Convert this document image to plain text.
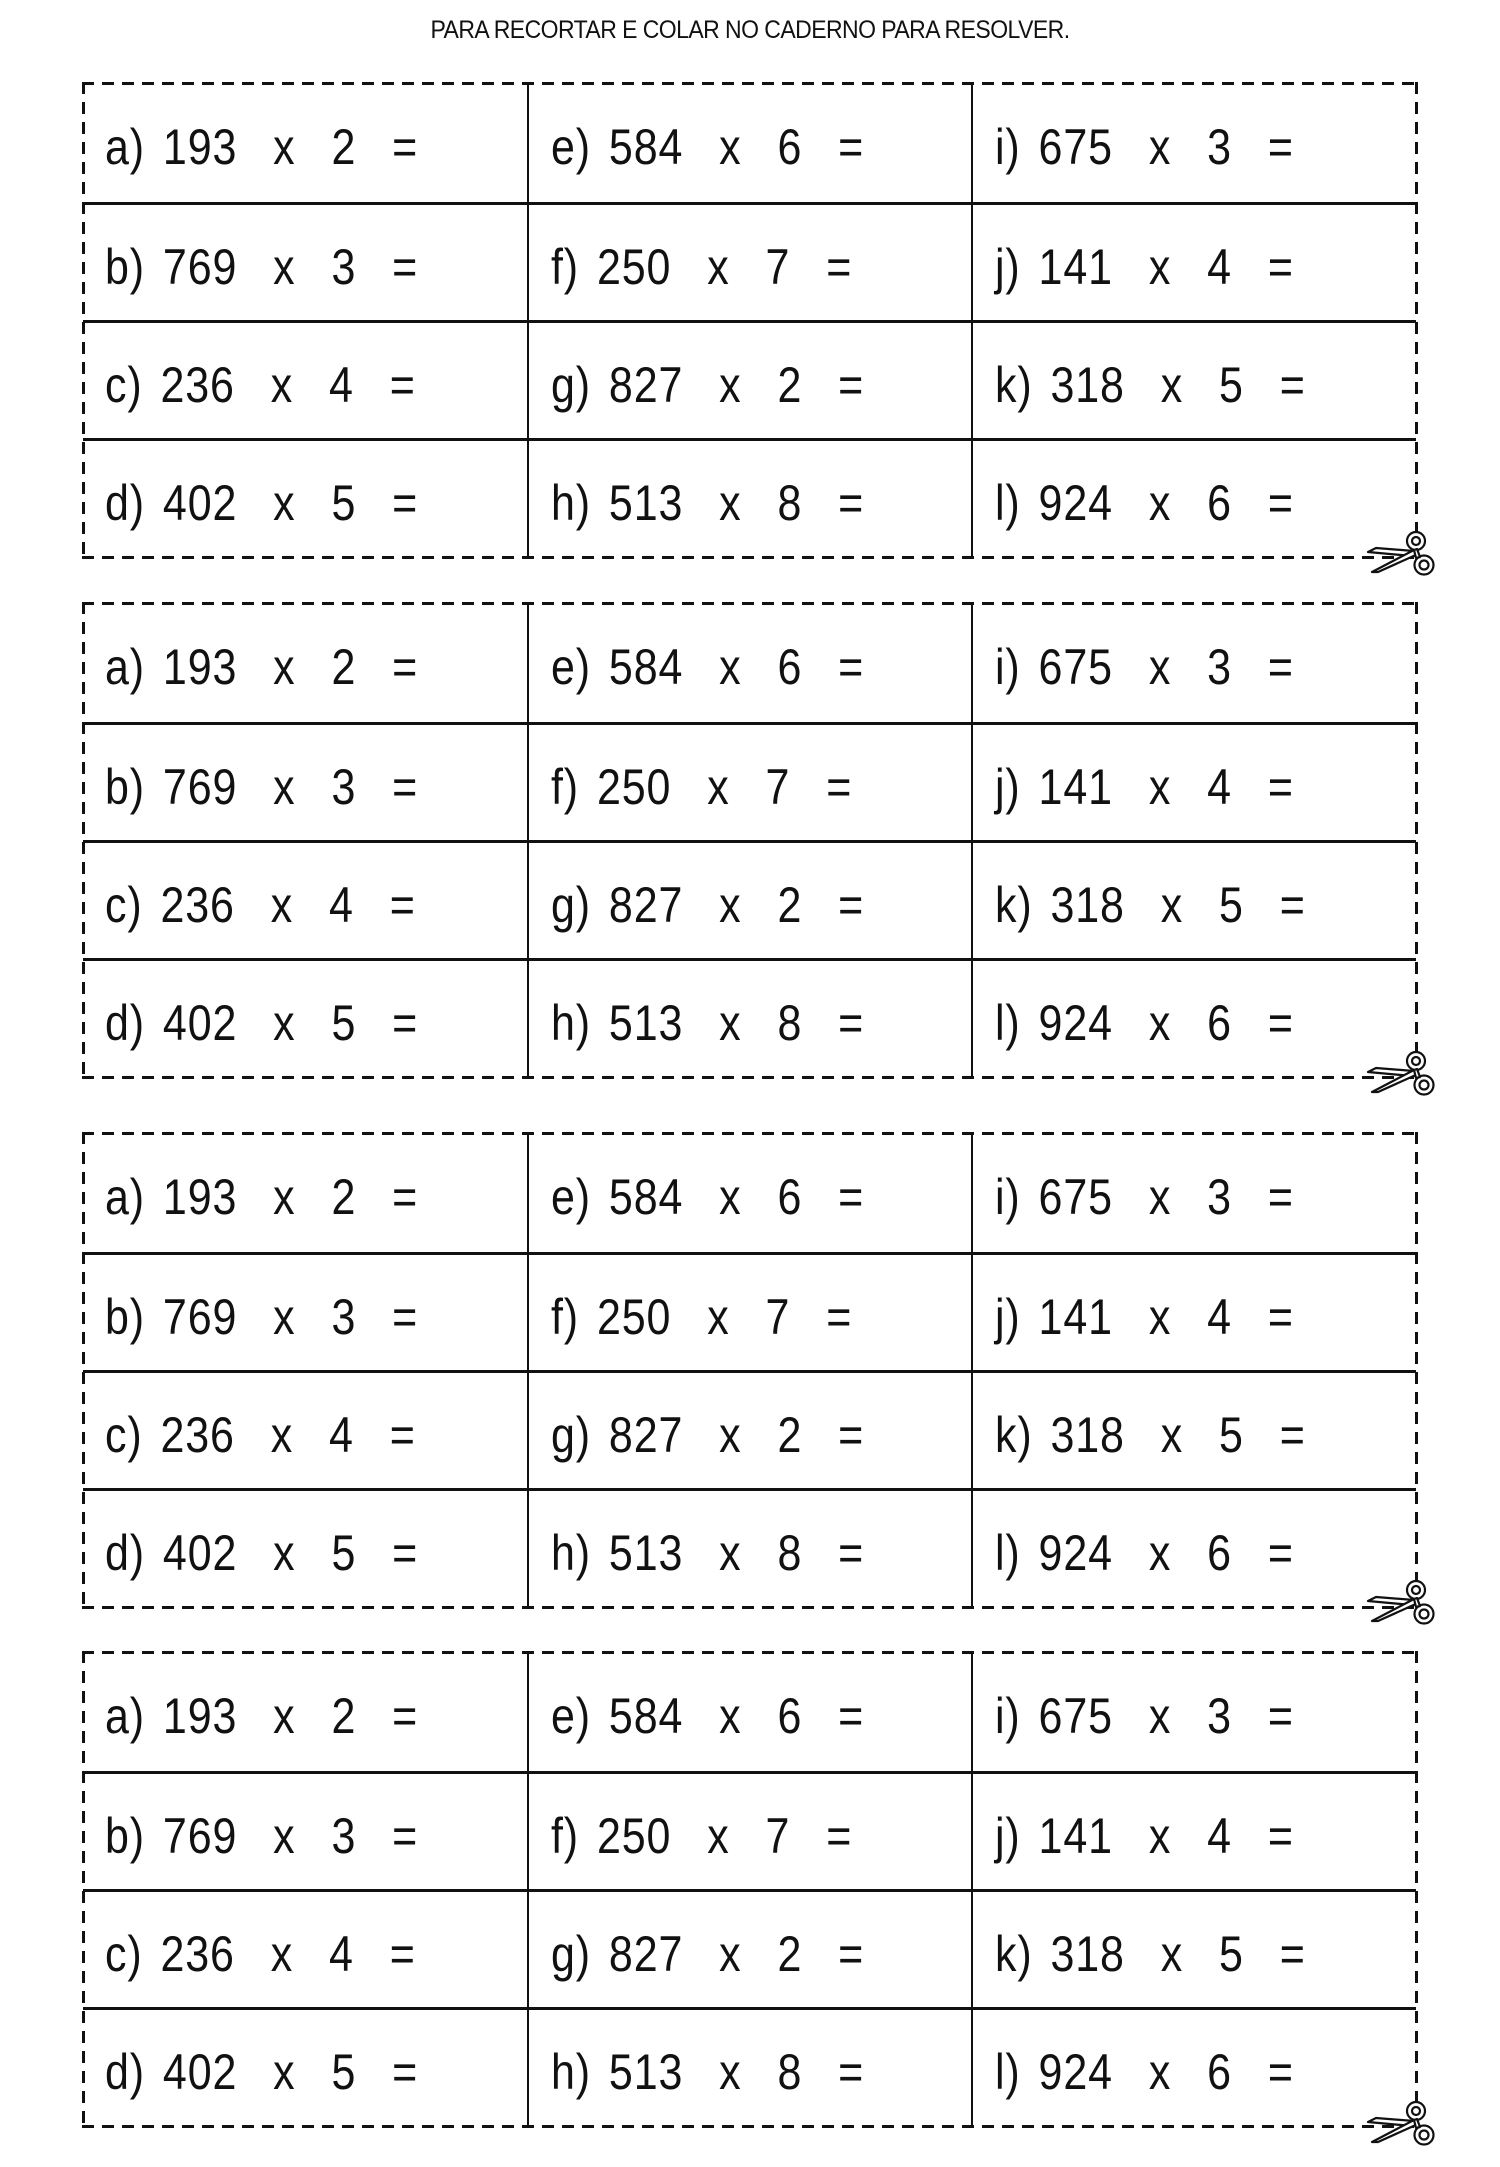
PARA RECORTAR E COLAR NO CADERNO PARA RESOLVER.
a) 193  x  2  =
b) 769  x  3  =
c) 236  x  4  =
d) 402  x  5  =
e) 584  x  6  =
f) 250  x  7  =
g) 827  x  2  =
h) 513  x  8  =
i) 675  x  3  =
j) 141  x  4  =
k) 318  x  5  =
l) 924  x  6  =
a) 193  x  2  =
b) 769  x  3  =
c) 236  x  4  =
d) 402  x  5  =
e) 584  x  6  =
f) 250  x  7  =
g) 827  x  2  =
h) 513  x  8  =
i) 675  x  3  =
j) 141  x  4  =
k) 318  x  5  =
l) 924  x  6  =
a) 193  x  2  =
b) 769  x  3  =
c) 236  x  4  =
d) 402  x  5  =
e) 584  x  6  =
f) 250  x  7  =
g) 827  x  2  =
h) 513  x  8  =
i) 675  x  3  =
j) 141  x  4  =
k) 318  x  5  =
l) 924  x  6  =
a) 193  x  2  =
b) 769  x  3  =
c) 236  x  4  =
d) 402  x  5  =
e) 584  x  6  =
f) 250  x  7  =
g) 827  x  2  =
h) 513  x  8  =
i) 675  x  3  =
j) 141  x  4  =
k) 318  x  5  =
l) 924  x  6  =
